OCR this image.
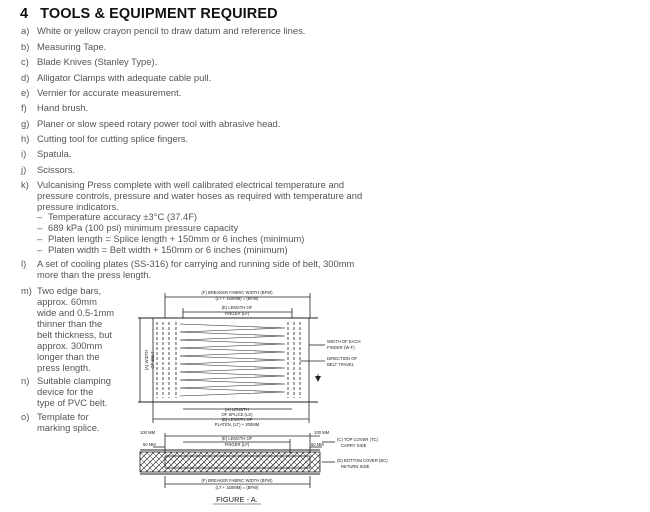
4 TOOLS & EQUIPMENT REQUIRED
a) White or yellow crayon pencil to draw datum and reference lines.
b) Measuring Tape.
c) Blade Knives (Stanley Type).
d) Alligator Clamps with adequate cable pull.
e) Vernier for accurate measurement.
f) Hand brush.
g) Planer or slow speed rotary power tool with abrasive head.
h) Cutting tool for cutting splice fingers.
i) Spatula.
j) Scissors.
k) Vulcanising Press complete with well calibrated electrical temperature and
pressure controls, pressure and water hoses as required with temperature and
pressure indicators.
– Temperature accuracy ±3°C (37.4F)
– 689 kPa (100 psi) minimum pressure capacity
– Platen length = Splice length + 150mm or 6 inches (minimum)
– Platen width = Belt width + 150mm or 6 inches (minimum)
l) A set of cooling plates (SS-316) for carrying and running side of belt, 300mm
more than the press length.
m) Two edge bars,
approx. 60mm
wide and 0.5-1mm
thinner than the
belt thickness, but
approx. 300mm
longer than the
press length.
n) Suitable clamping
device for the
type of PVC belt.
o) Template for
marking splice.
(F) BREAKER FABRIC WIDTH (BFW)
(LT + 150MM) = (BFW)
(E) LENGTH OF
FINGER (LF)
WIDTH OF EACH
FINGER (W-F)
DIRECTION OF
BELT TRAVEL
(A) LENGTH
OF SPLICE (LS)
(B) LENGTH OF
PLATEN, (LT) + 300MM
(A) WIDTH OF BELT
100 MM
50 MM
(E) LENGTH OF
FINGER (LF)
100 MM
50 MM
(C) TOP COVER (TC)
CARRY SIDE
(D) BOTTOM COVER (BC)
RETURN SIDE
(F) BREAKER FABRIC WIDTH (BFW)
(LT + 150MM) = (BFW)
FIGURE - A.
